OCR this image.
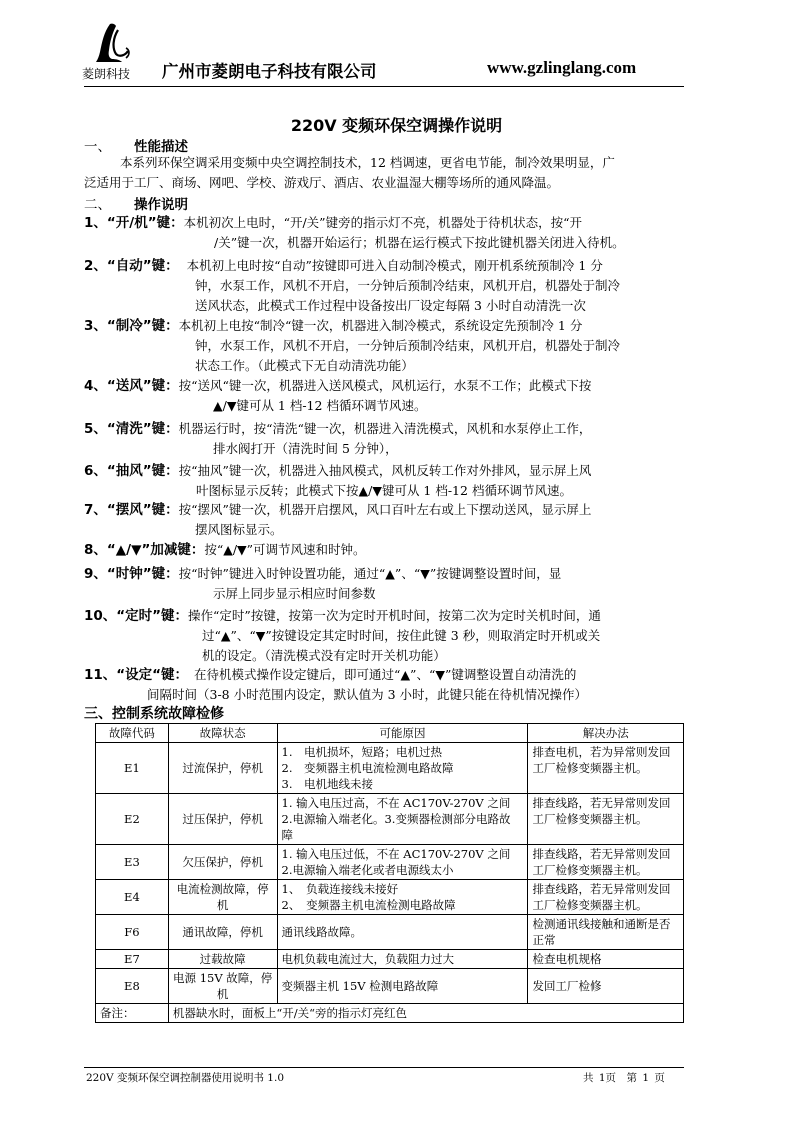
菱朗科技 广州市菱朗电子科技有限公司	www.gzlinglang.com
220V 变频环保空调操作说明
一、 性能描述
本系列环保空调采用变频中央空调控制技术，12 档调速，更省电节能，制冷效果明显，广
泛适用于工厂、商场、网吧、学校、游戏厅、酒店、农业温湿大棚等场所的通风降温。
二、 操作说明
1、“开/机”键：本机初次上电时，“开/关”键旁的指示灯不亮，机器处于待机状态，按“开
/关”键一次，机器开始运行；机器在运行模式下按此键机器关闭进入待机。
2、“自动”键： 本机初上电时按“自动”按键即可进入自动制冷模式，刚开机系统预制冷 1 分
钟，水泵工作，风机不开启，一分钟后预制冷结束，风机开启，机器处于制冷
送风状态，此模式工作过程中设备按出厂设定每隔 3 小时自动清洗一次
3、“制冷”键：本机初上电按“制冷“键一次，机器进入制冷模式，系统设定先预制冷 1 分
钟，水泵工作，风机不开启，一分钟后预制冷结束，风机开启，机器处于制冷
状态工作。（此模式下无自动清洗功能）
4、“送风”键：按“送风“键一次，机器进入送风模式，风机运行，水泵不工作；此模式下按
▲/▼键可从 1 档-12 档循环调节风速。
5、“清洗”键：机器运行时，按“清洗“键一次，机器进入清洗模式，风机和水泵停止工作，
排水阀打开（清洗时间 5 分钟），
6、“抽风”键：按“抽风”键一次，机器进入抽风模式，风机反转工作对外排风，显示屏上风
叶图标显示反转；此模式下按▲/▼键可从 1 档-12 档循环调节风速。
7、“摆风”键：按“摆风”键一次，机器开启摆风，风口百叶左右或上下摆动送风，显示屏上
摆风图标显示。
8、“▲/▼”加减键：按“▲/▼”可调节风速和时钟。
9、“时钟”键：按“时钟”键进入时钟设置功能，通过“▲”、“▼”按键调整设置时间，显
示屏上同步显示相应时间参数
10、“定时”键：操作“定时”按键，按第一次为定时开机时间，按第二次为定时关机时间，通
过“▲”、“▼”按键设定其定时时间，按住此键 3 秒，则取消定时开机或关
机的设定。（清洗模式没有定时开关机功能）
11、“设定“键： 在待机模式操作设定键后，即可通过“▲”、“▼”键调整设置自动清洗的
间隔时间（3-8 小时范围内设定，默认值为 3 小时，此键只能在待机情况操作）
三、控制系统故障检修
故障代码	故障状态	可能原因	解决办法
E1	过流保护，停机	1.　电机损坏，短路；电机过热
2.　变频器主机电流检测电路故障
3.　电机地线未接	排查电机，若为异常则发回工厂检修变频器主机。
E2	过压保护，停机	1. 输入电压过高，不在 AC170V-270V 之间
2.电源输入端老化。3.变频器检测部分电路故
障	排查线路，若无异常则发回工厂检修变频器主机。
E3	欠压保护，停机	1. 输入电压过低，不在 AC170V-270V 之间
2.电源输入端老化或者电源线太小	排查线路，若无异常则发回工厂检修变频器主机。
E4	电流检测故障，停机	1、　负载连接线未接好
2、　变频器主机电流检测电路故障	排查线路，若无异常则发回工厂检修变频器主机。
F6	通讯故障，停机	通讯线路故障。	检测通讯线接触和通断是否正常
E7	过载故障	电机负载电流过大，负载阻力过大	检查电机规格
E8	电源 15V 故障，停机	变频器主机 15V 检测电路故障	发回工厂检修
备注：	机器缺水时，面板上“开/关“旁的指示灯亮红色		
220V 变频环保空调控制器使用说明书 1.0	共 1页　第 1 页
